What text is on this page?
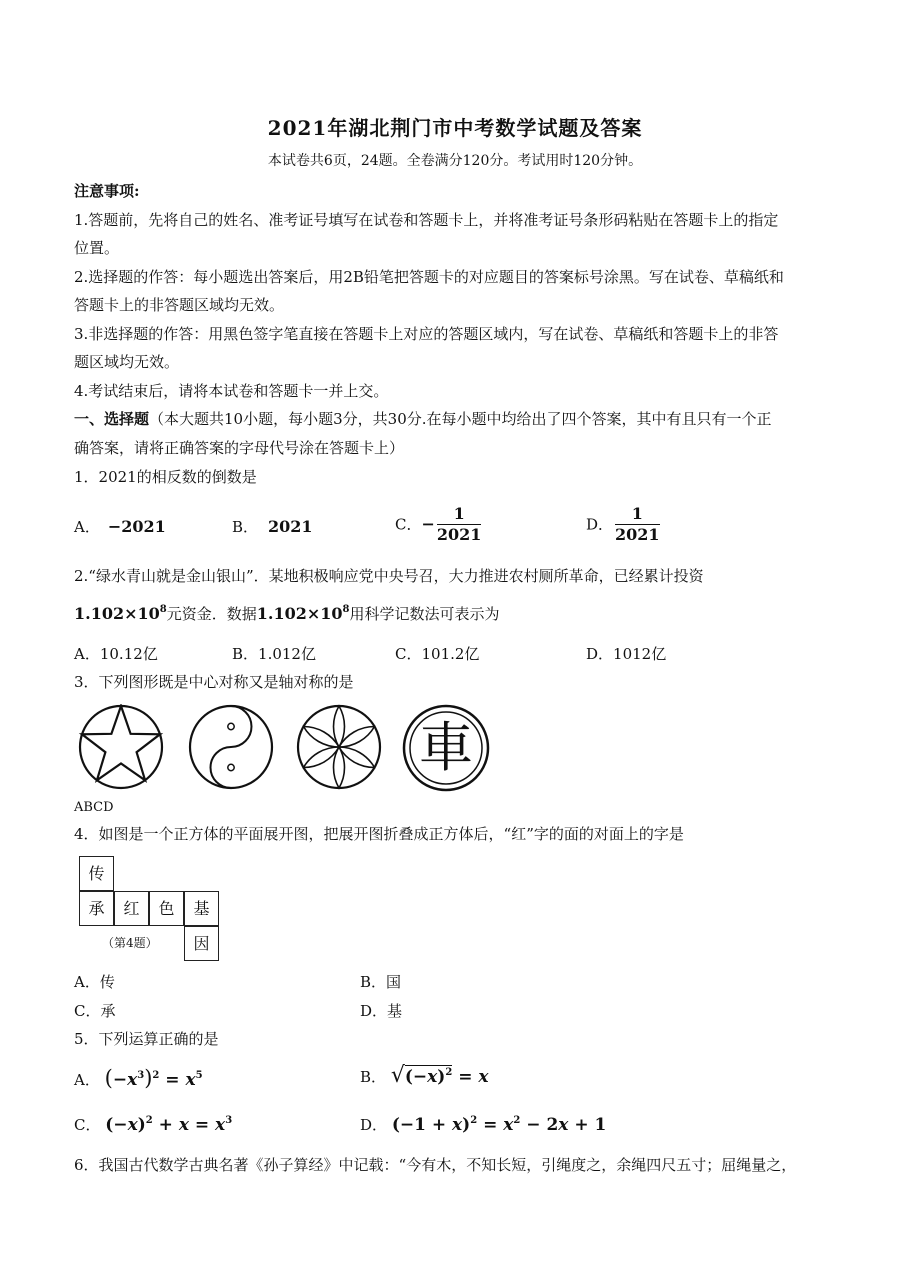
2021年湖北荆门市中考数学试题及答案
本试卷共6页，24题。全卷满分120分。考试用时120分钟。
注意事项:
1.答题前，先将自己的姓名、准考证号填写在试卷和答题卡上，并将准考证号条形码粘贴在答题卡上的指定
位置。
2.选择题的作答：每小题选出答案后，用2B铅笔把答题卡的对应题目的答案标号涂黑。写在试卷、草稿纸和
答题卡上的非答题区域均无效。
3.非选择题的作答：用黑色签字笔直接在答题卡上对应的答题区域内，写在试卷、草稿纸和答题卡上的非答
题区域均无效。
4.考试结束后，请将本试卷和答题卡一并上交。
一、选择题（本大题共10小题，每小题3分，共30分.在每小题中均给出了四个答案，其中有且只有一个正
确答案，请将正确答案的字母代号涂在答题卡上）
1．2021的相反数的倒数是
A． −2021	B． 2021	C．− $\frac{1}{2021}$	D． $\frac{1}{2021}$
2.“绿水青山就是金山银山”．某地积极响应党中央号召，大力推进农村厕所革命，已经累计投资
$1.102\times 10^8$元资金．数据$1.102\times 10^8$用科学记数法可表示为
A．10.12亿	B．1.012亿	C．101.2亿	D．1012亿
3．下列图形既是中心对称又是轴对称的是
車
ABCD
4．如图是一个正方体的平面展开图，把展开图折叠成正方体后，“红”字的面的对面上的字是
传
承	红	色	基
因
（第4题）
A．传	B．国
C．承	D．基
5．下列运算正确的是
A． $(-x^3)^2 = x^5$	B． $√(-x)^2 = x$
C． $(-x)^2 + x = x^3$	D． $(-1 + x)^2 = x^2 - 2x + 1$
6．我国古代数学古典名著《孙子算经》中记载：“今有木，不知长短，引绳度之，余绳四尺五寸；屈绳量之，
